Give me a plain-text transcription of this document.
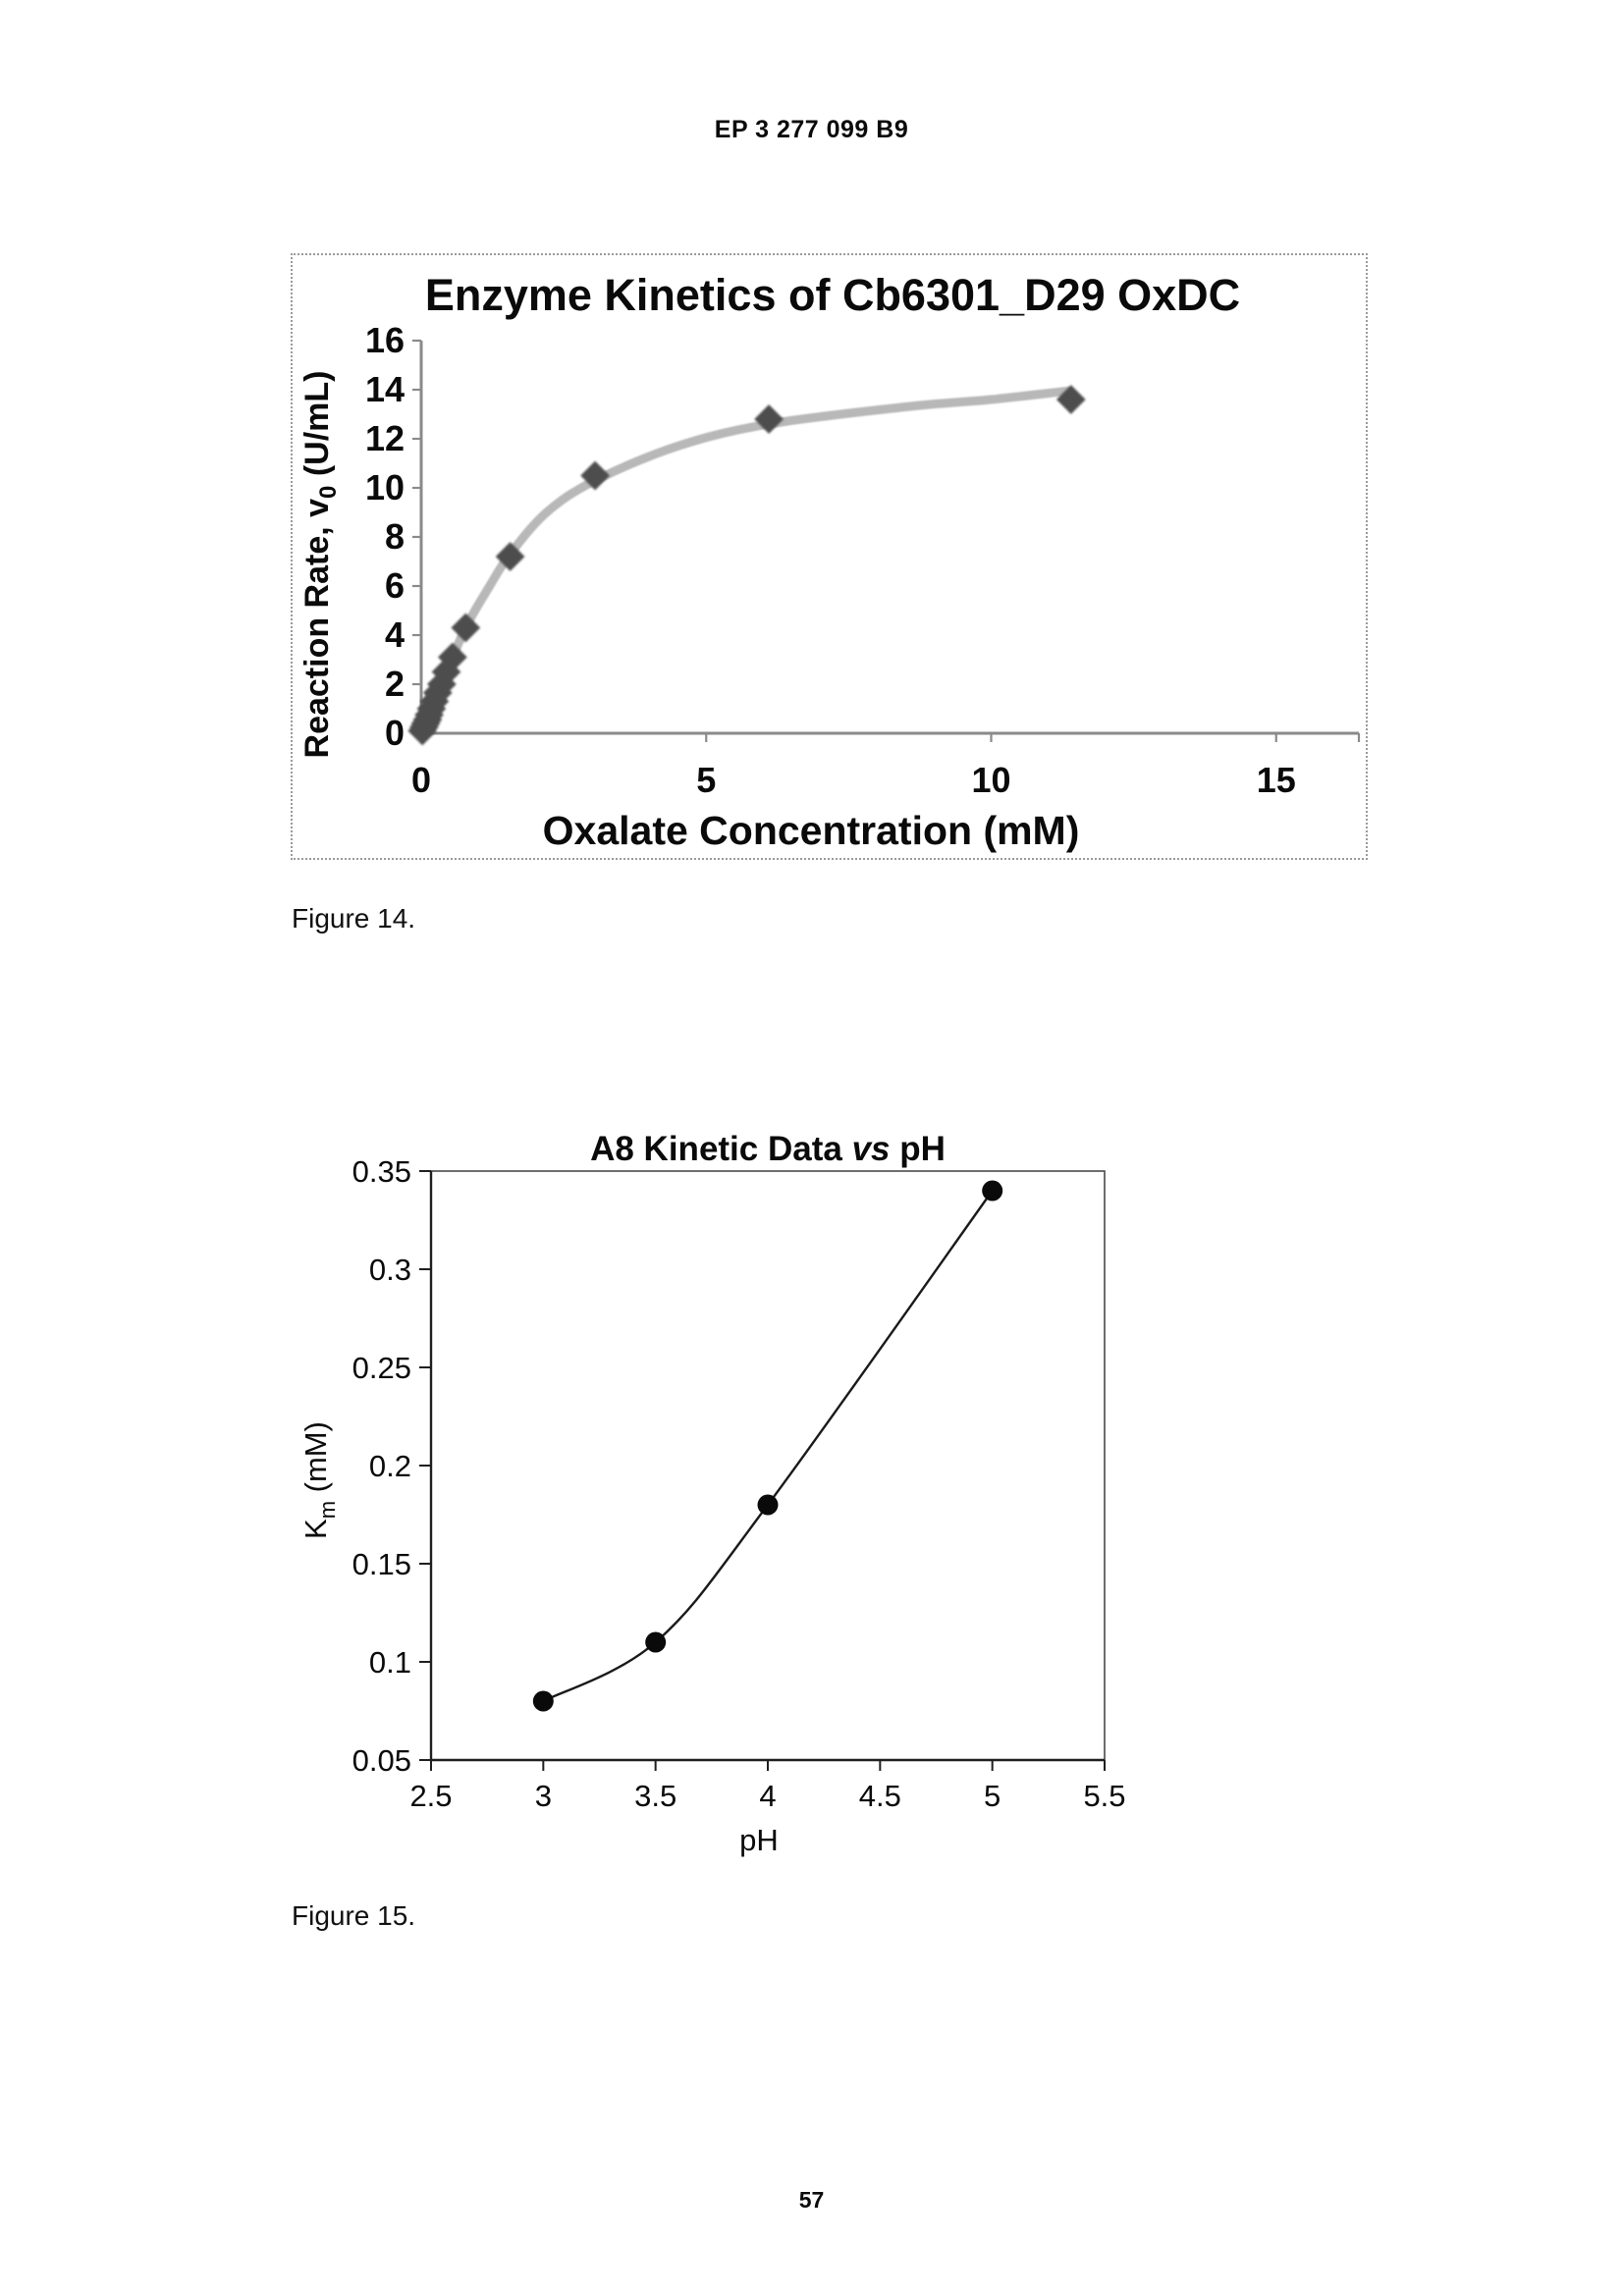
EP 3 277 099 B9
Enzyme Kinetics of Cb6301_D29 OxDC
Reaction Rate, $v_0$ (U/mL)
0
2
4
6
8
10
12
14
16
0	5	10	15
Oxalate Concentration (mM)
Figure 14.
A8 Kinetic Data vs pH
$K_m$ (mM)
0.05
0.1
0.15
0.2
0.25
0.3
0.35
2.5	3	3.5	4	4.5	5	5.5
pH
Figure 15.
57
